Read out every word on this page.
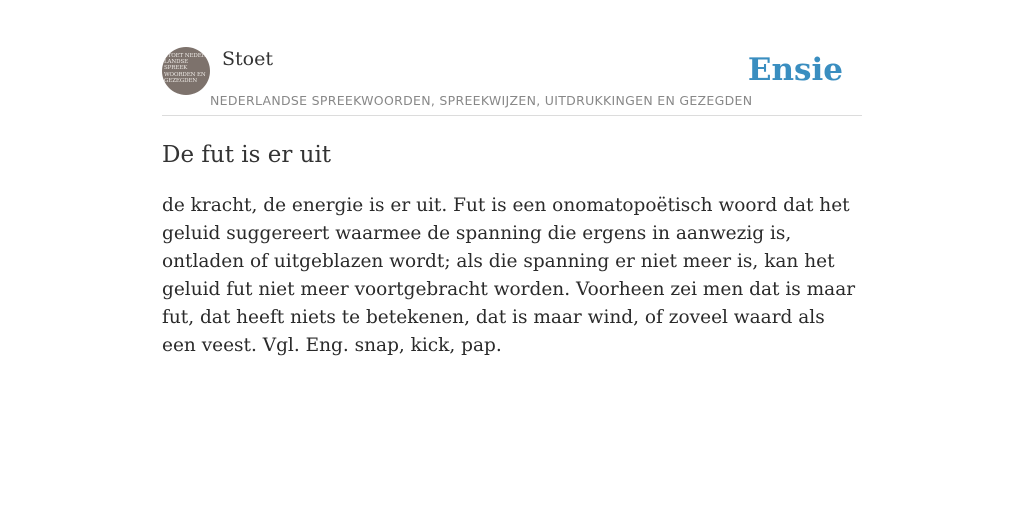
STOET NEDER LANDSE SPREEK WOORDEN EN GEZEGDEN
Stoet
NEDERLANDSE SPREEKWOORDEN, SPREEKWIJZEN, UITDRUKKINGEN EN GEZEGDEN
Ensie
De fut is er uit

de kracht, de energie is er uit. Fut is een onomatopoëtisch woord dat het geluid suggereert waarmee de spanning die ergens in aanwezig is, ontladen of uitgeblazen wordt; als die spanning er niet meer is, kan het geluid fut niet meer voortgebracht worden. Voorheen zei men dat is maar fut, dat heeft niets te betekenen, dat is maar wind, of zoveel waard als een veest. Vgl. Eng. snap, kick, pap.
